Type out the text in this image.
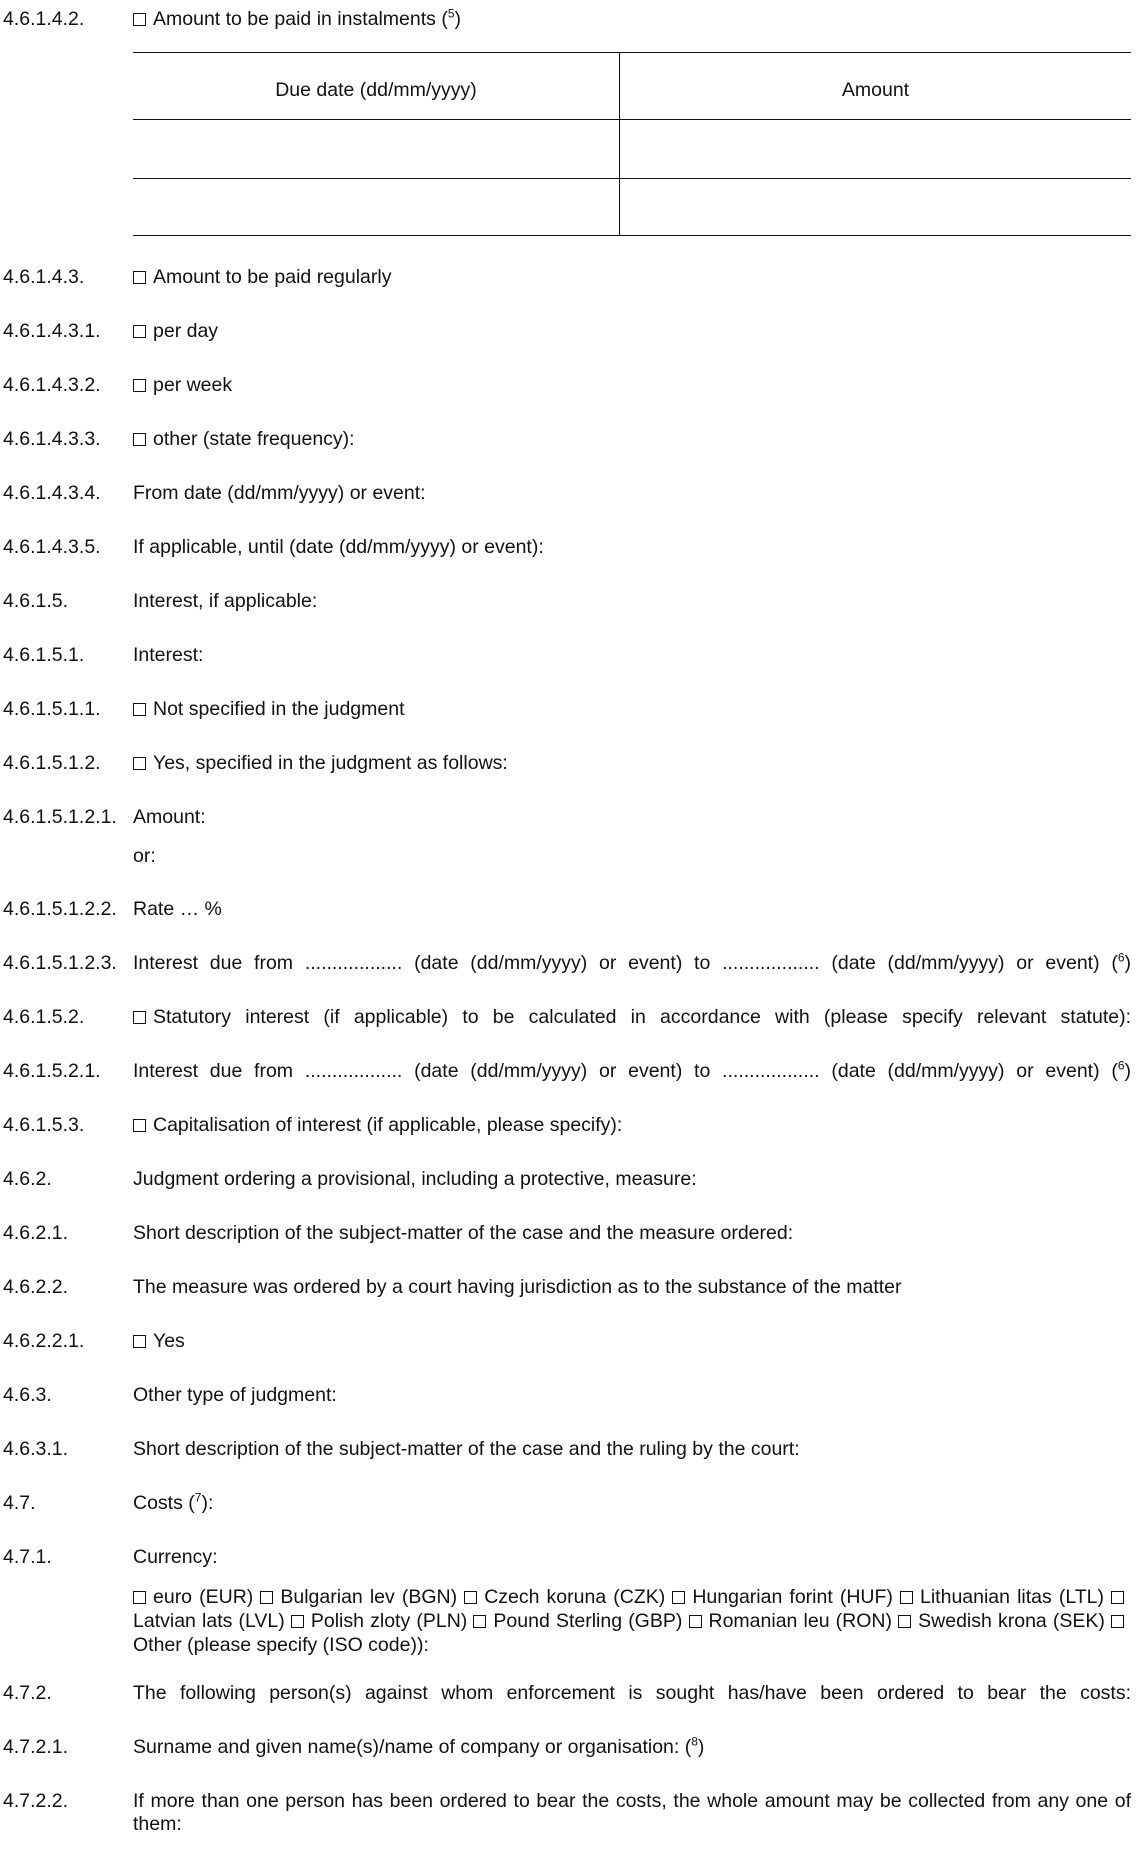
4.6.1.4.2.	Amount to be paid in instalments ($^5$)
Due date (dd/mm/yyyy)	Amount
4.6.1.4.3.	Amount to be paid regularly
4.6.1.4.3.1.	per day
4.6.1.4.3.2.	per week
4.6.1.4.3.3.	other (state frequency):
4.6.1.4.3.4. From date (dd/mm/yyyy) or event:
4.6.1.4.3.5. If applicable, until (date (dd/mm/yyyy) or event):
4.6.1.5.	Interest, if applicable:
4.6.1.5.1. Interest:
4.6.1.5.1.1.	Not specified in the judgment
4.6.1.5.1.2.	Yes, specified in the judgment as follows:
4.6.1.5.1.2.1. Amount:
or:
4.6.1.5.1.2.2. Rate … %
4.6.1.5.1.2.3. Interest due from .................. (date (dd/mm/yyyy) or event) to .................. (date (dd/mm/yyyy) or event) ($^6$)
4.6.1.5.2.	Statutory interest (if applicable) to be calculated in accordance with (please specify relevant statute):
4.6.1.5.2.1. Interest due from .................. (date (dd/mm/yyyy) or event) to .................. (date (dd/mm/yyyy) or event) ($^6$)
4.6.1.5.3.	Capitalisation of interest (if applicable, please specify):
4.6.2.	Judgment ordering a provisional, including a protective, measure:
4.6.2.1.	Short description of the subject-matter of the case and the measure ordered:
4.6.2.2.	The measure was ordered by a court having jurisdiction as to the substance of the matter
4.6.2.2.1.	Yes
4.6.3.	Other type of judgment:
4.6.3.1.	Short description of the subject-matter of the case and the ruling by the court:
4.7.	Costs ($^7$):
4.7.1.	Currency:
euro (EUR) Bulgarian lev (BGN) Czech koruna (CZK) Hungarian forint (HUF) Lithuanian litas (LTL) Latvian lats (LVL) Polish zloty (PLN) Pound Sterling (GBP) Romanian leu (RON) Swedish krona (SEK) Other (please specify (ISO code)):
4.7.2.	The following person(s) against whom enforcement is sought has/have been ordered to bear the costs:
4.7.2.1.	Surname and given name(s)/name of company or organisation: ($^8$)
4.7.2.2.	If more than one person has been ordered to bear the costs, the whole amount may be collected from any one of them:
